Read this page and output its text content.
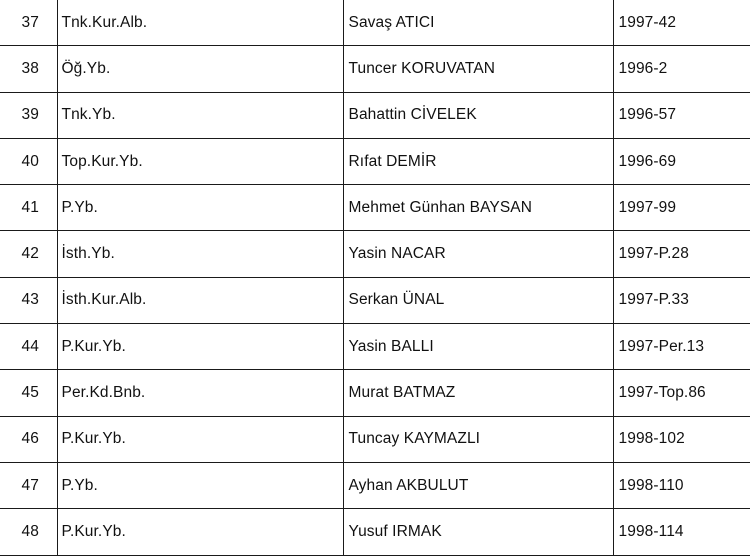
37	Tnk.Kur.Alb.	Savaş ATICI	1997-42
38	Öğ.Yb.	Tuncer KORUVATAN	1996-2
39	Tnk.Yb.	Bahattin CİVELEK	1996-57
40	Top.Kur.Yb.	Rıfat DEMİR	1996-69
41	P.Yb.	Mehmet Günhan BAYSAN	1997-99
42	İsth.Yb.	Yasin NACAR	1997-P.28
43	İsth.Kur.Alb.	Serkan ÜNAL	1997-P.33
44	P.Kur.Yb.	Yasin BALLI	1997-Per.13
45	Per.Kd.Bnb.	Murat BATMAZ	1997-Top.86
46	P.Kur.Yb.	Tuncay KAYMAZLI	1998-102
47	P.Yb.	Ayhan AKBULUT	1998-110
48	P.Kur.Yb.	Yusuf IRMAK	1998-114
